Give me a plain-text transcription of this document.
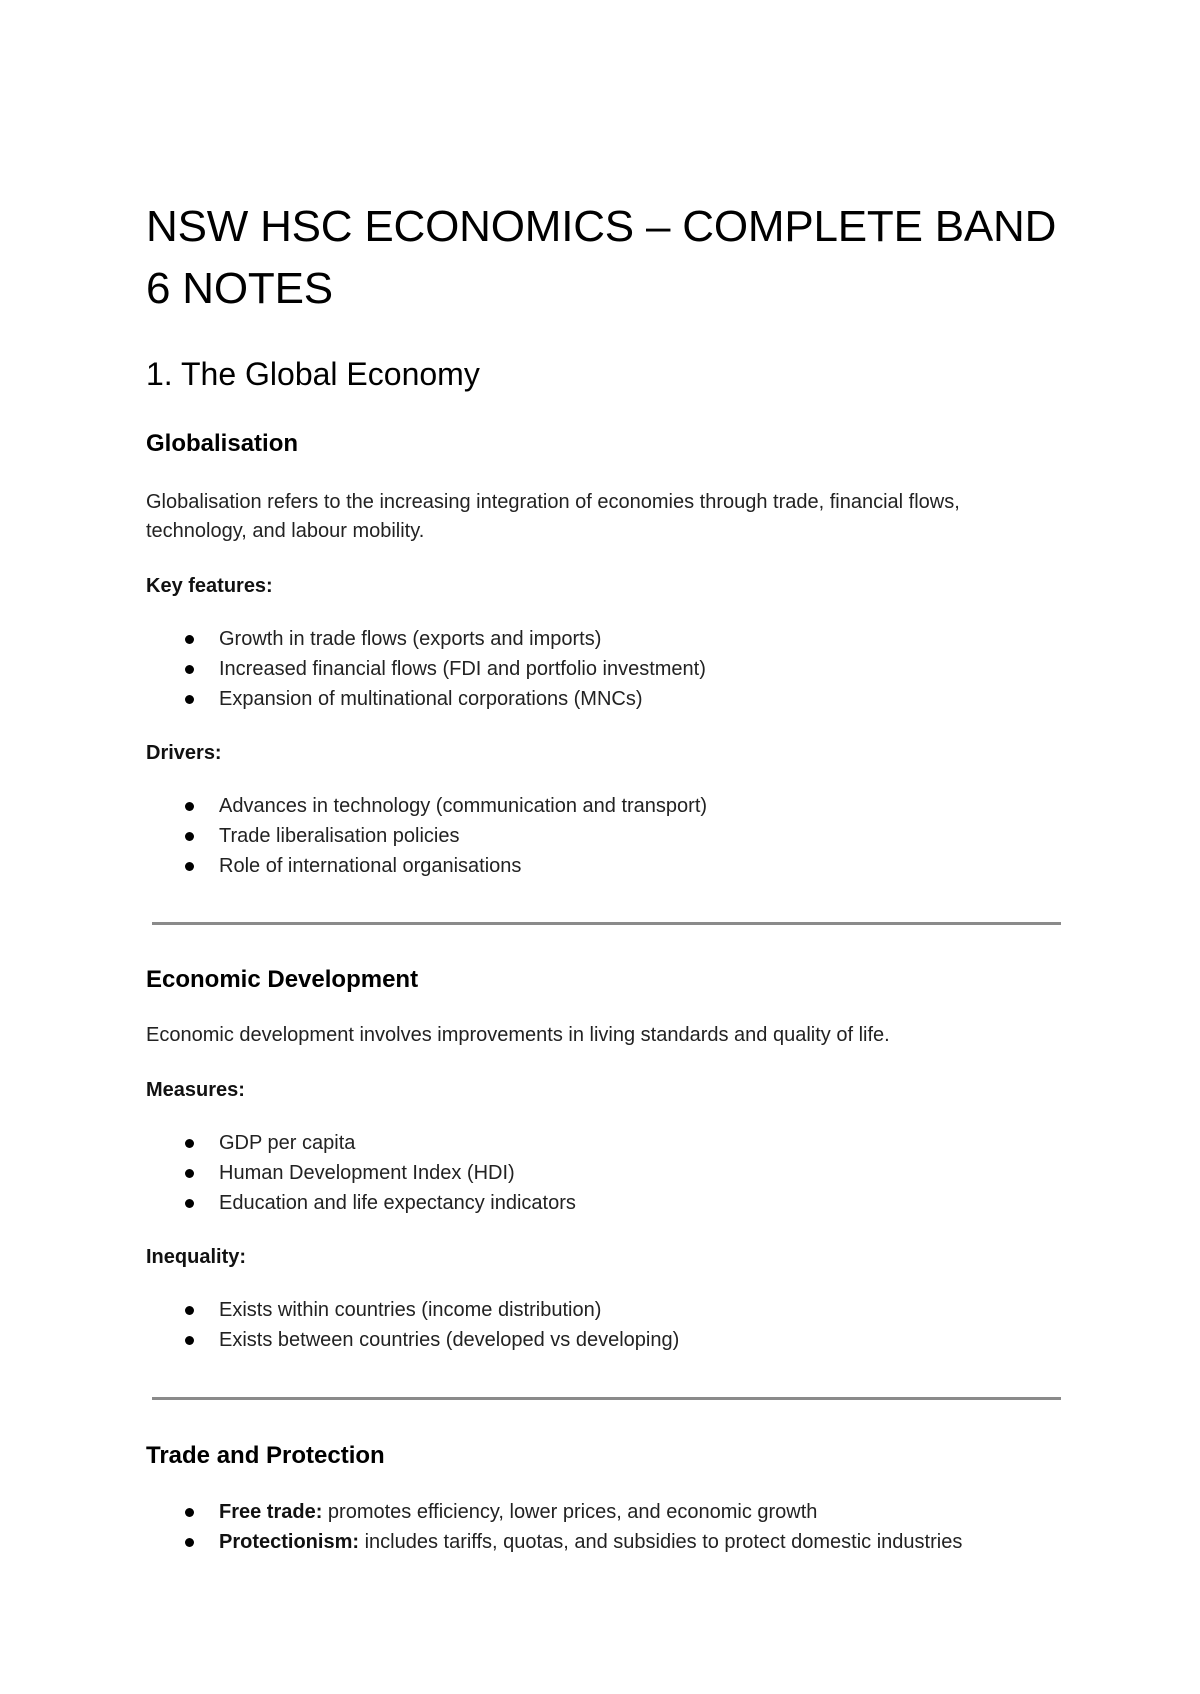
NSW HSC ECONOMICS – COMPLETE BAND 6 NOTES
1. The Global Economy
Globalisation

Globalisation refers to the increasing integration of economies through trade, financial flows, technology, and labour mobility.

Key features:

Growth in trade flows (exports and imports)
Increased financial flows (FDI and portfolio investment)
Expansion of multinational corporations (MNCs)

Drivers:

Advances in technology (communication and transport)
Trade liberalisation policies
Role of international organisations
Economic Development

Economic development involves improvements in living standards and quality of life.

Measures:

GDP per capita
Human Development Index (HDI)
Education and life expectancy indicators

Inequality:

Exists within countries (income distribution)
Exists between countries (developed vs developing)
Trade and Protection
Free trade: promotes efficiency, lower prices, and economic growth
Protectionism: includes tariffs, quotas, and subsidies to protect domestic industries
